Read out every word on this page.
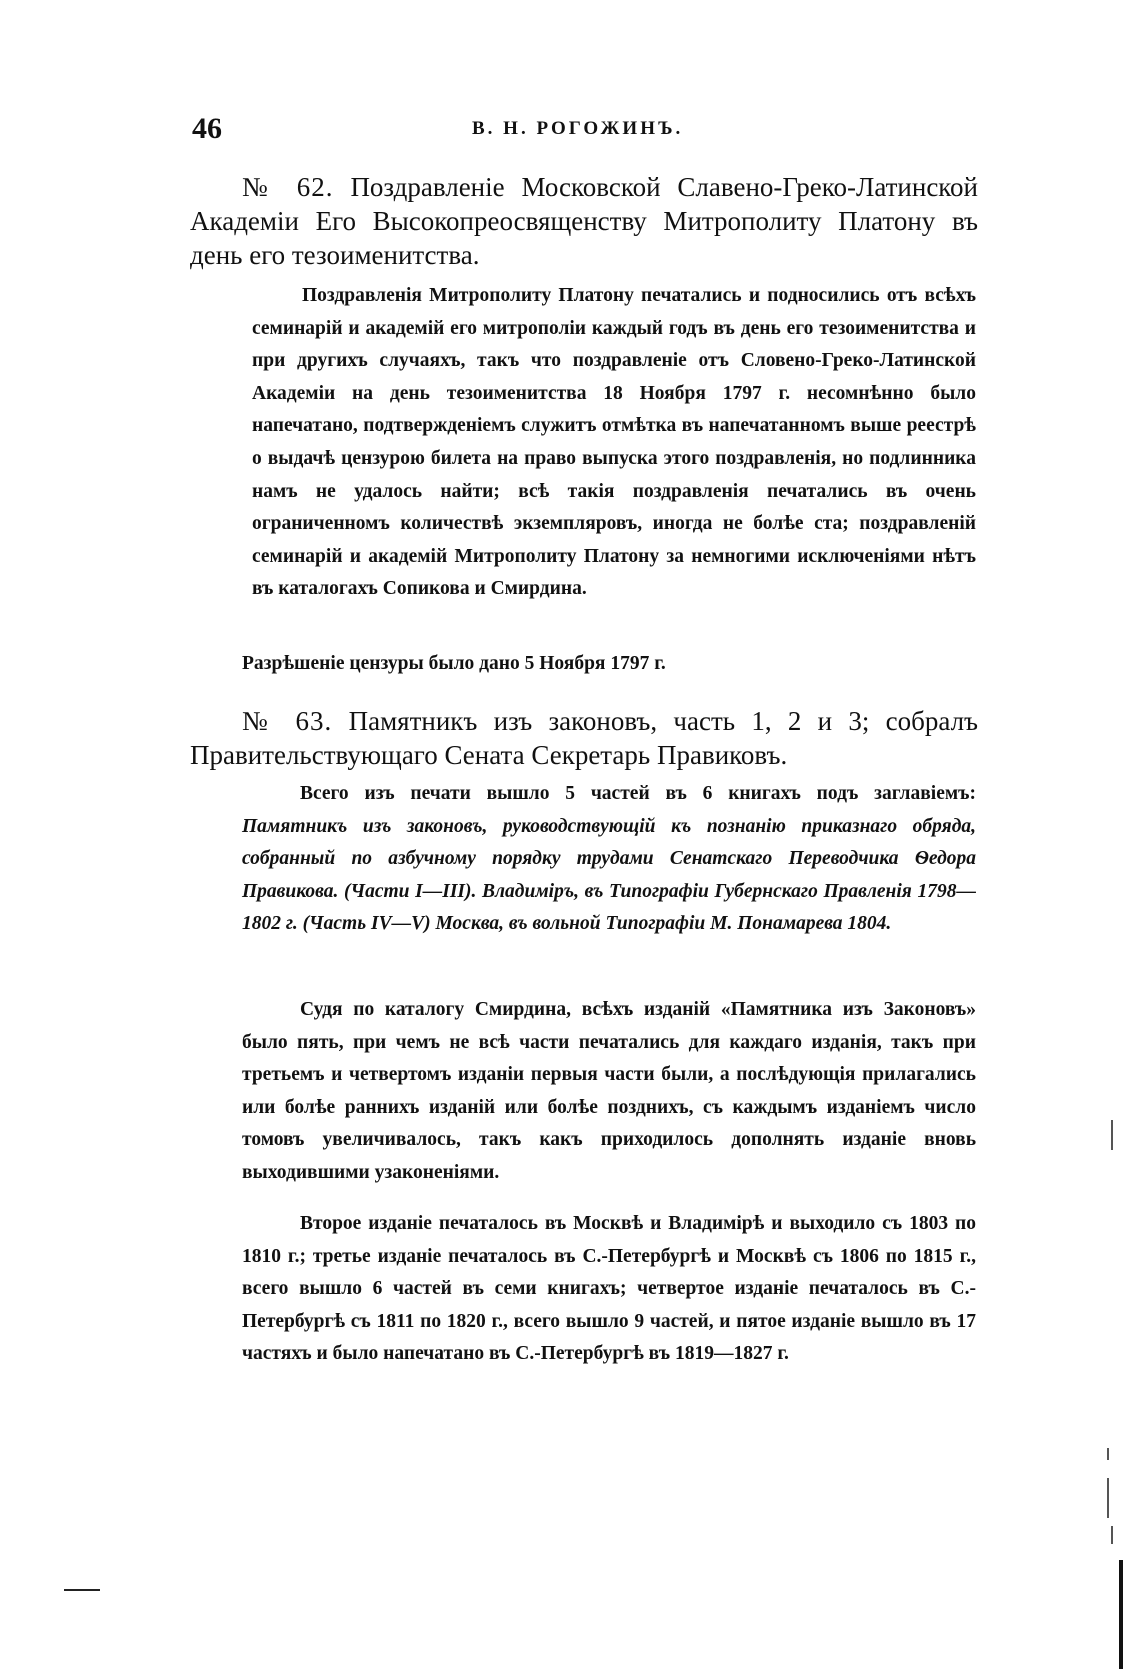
46	В. Н. РОГОЖИНЪ.

№ 62. Поздравленіе Московской Славено-Греко-Латинской Академіи Его Высокопреосвященству Митрополиту Платону въ день его тезоименитства.

Поздравленія Митрополиту Платону печатались и подносились отъ всѣхъ семинарій и академій его митрополіи каждый годъ въ день его тезоименитства и при другихъ случаяхъ, такъ что поздравленіе отъ Словено-Греко-Латинской Академіи на день тезоименитства 18 Ноября 1797 г. несомнѣнно было напечатано, подтвержденіемъ служитъ отмѣтка въ напечатанномъ выше реестрѣ о выдачѣ цензурою билета на право выпуска этого поздравленія, но подлинника намъ не удалось найти; всѣ такія поздравленія печатались въ очень ограниченномъ количествѣ экземпляровъ, иногда не болѣе ста; поздравленій семинарій и академій Митрополиту Платону за немногими исключеніями нѣтъ въ каталогахъ Сопикова и Смирдина.

Разрѣшеніе цензуры было дано 5 Ноября 1797 г.

№ 63. Памятникъ изъ законовъ, часть 1, 2 и 3; собралъ Правительствующаго Сената Секретарь Правиковъ.

Всего изъ печати вышло 5 частей въ 6 книгахъ подъ заглавіемъ: Памятникъ изъ законовъ, руководствующій къ познанію приказнаго обряда, собранный по азбучному порядку трудами Сенатскаго Переводчика Ѳедора Правикова. (Части I—III). Владиміръ, въ Типографіи Губернскаго Правленія 1798—1802 г. (Часть IV—V) Москва, въ вольной Типографіи М. Понамарева 1804.

Судя по каталогу Смирдина, всѣхъ изданій «Памятника изъ Законовъ» было пять, при чемъ не всѣ части печатались для каждаго изданія, такъ при третьемъ и четвертомъ изданіи первыя части были, а послѣдующія прилагались или болѣе раннихъ изданій или болѣе позднихъ, съ каждымъ изданіемъ число томовъ увеличивалось, такъ какъ приходилось дополнять изданіе вновь выходившими узаконеніями.

Второе изданіе печаталось въ Москвѣ и Владимірѣ и выходило съ 1803 по 1810 г.; третье изданіе печаталось въ С.-Петербургѣ и Москвѣ съ 1806 по 1815 г., всего вышло 6 частей въ семи книгахъ; четвертое изданіе печаталось въ С.-Петербургѣ съ 1811 по 1820 г., всего вышло 9 частей, и пятое изданіе вышло въ 17 частяхъ и было напечатано въ С.-Петербургѣ въ 1819—1827 г.
